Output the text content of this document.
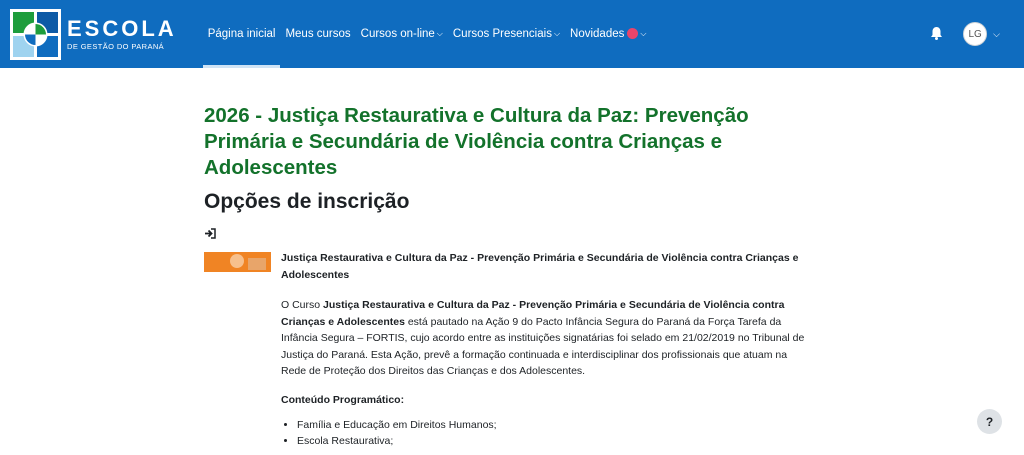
ESCOLA
DE GESTÃO DO PARANÁ
Página inicial Meus cursos Cursos on-line ⌵ Cursos Presenciais ⌵ Novidades ⌵	LG	⌵
2026 - Justiça Restaurativa e Cultura da Paz: Prevenção Primária e Secundária de Violência contra Crianças e Adolescentes
Opções de inscrição
Justiça Restaurativa e Cultura da Paz - Prevenção Primária e Secundária de Violência contra Crianças e Adolescentes

O Curso Justiça Restaurativa e Cultura da Paz - Prevenção Primária e Secundária de Violência contra Crianças e Adolescentes está pautado na Ação 9 do Pacto Infância Segura do Paraná da Força Tarefa da Infância Segura – FORTIS, cujo acordo entre as instituições signatárias foi selado em 21/02/2019 no Tribunal de Justiça do Paraná. Esta Ação, prevê a formação continuada e interdisciplinar dos profissionais que atuam na Rede de Proteção dos Direitos das Crianças e dos Adolescentes.

Conteúdo Programático:
• Família e Educação em Direitos Humanos;
• Escola Restaurativa;
?
